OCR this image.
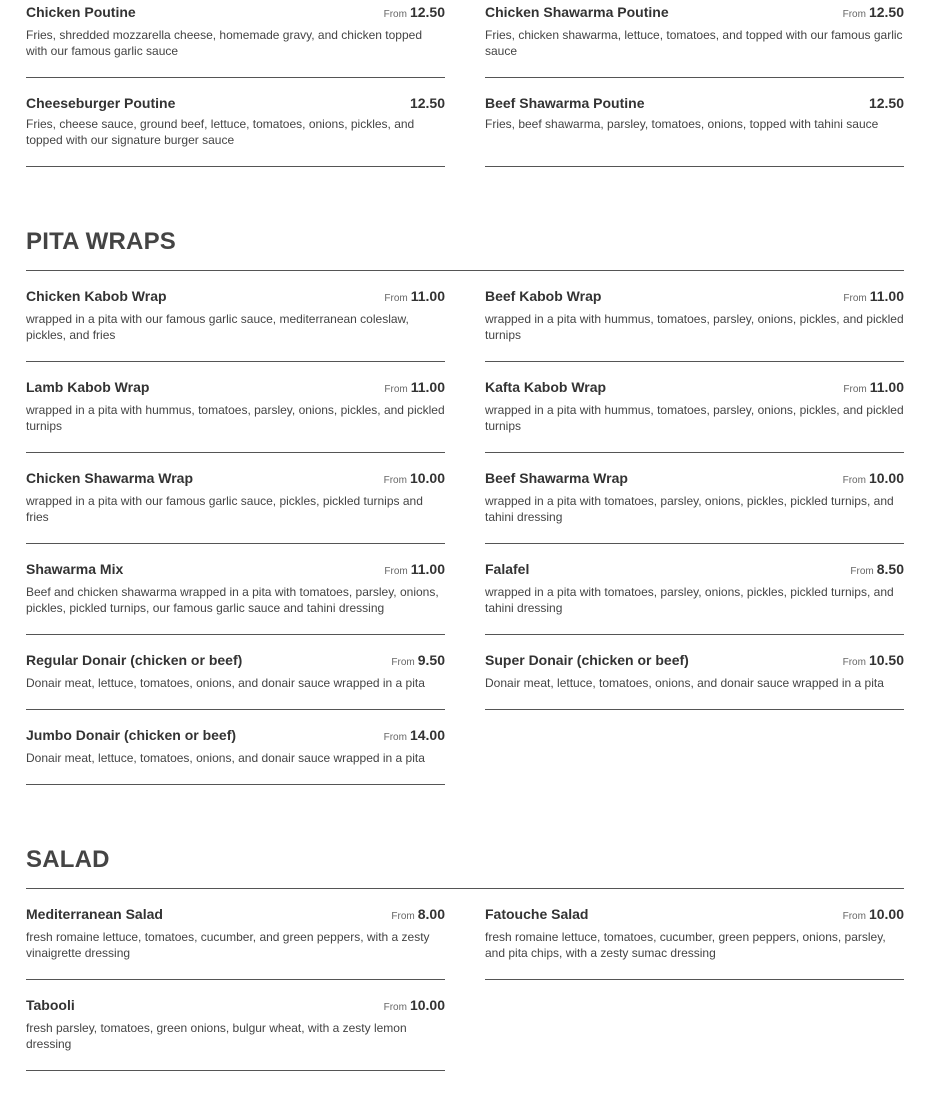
Chicken Poutine	From 12.50
Fries, shredded mozzarella cheese, homemade gravy, and chicken topped with our famous garlic sauce
Chicken Shawarma Poutine	From 12.50
Fries, chicken shawarma, lettuce, tomatoes, and topped with our famous garlic sauce
Cheeseburger Poutine	12.50
Fries, cheese sauce, ground beef, lettuce, tomatoes, onions, pickles, and topped with our signature burger sauce
Beef Shawarma Poutine	12.50
Fries, beef shawarma, parsley, tomatoes, onions, topped with tahini sauce
PITA WRAPS
Chicken Kabob Wrap	From 11.00
wrapped in a pita with our famous garlic sauce, mediterranean coleslaw, pickles, and fries
Beef Kabob Wrap	From 11.00
wrapped in a pita with hummus, tomatoes, parsley, onions, pickles, and pickled turnips
Lamb Kabob Wrap	From 11.00
wrapped in a pita with hummus, tomatoes, parsley, onions, pickles, and pickled turnips
Kafta Kabob Wrap	From 11.00
wrapped in a pita with hummus, tomatoes, parsley, onions, pickles, and pickled turnips
Chicken Shawarma Wrap	From 10.00
wrapped in a pita with our famous garlic sauce, pickles, pickled turnips and fries
Beef Shawarma Wrap	From 10.00
wrapped in a pita with tomatoes, parsley, onions, pickles, pickled turnips, and tahini dressing
Shawarma Mix	From 11.00
Beef and chicken shawarma wrapped in a pita with tomatoes, parsley, onions, pickles, pickled turnips, our famous garlic sauce and tahini dressing
Falafel	From 8.50
wrapped in a pita with tomatoes, parsley, onions, pickles, pickled turnips, and tahini dressing
Regular Donair (chicken or beef)	From 9.50
Donair meat, lettuce, tomatoes, onions, and donair sauce wrapped in a pita
Super Donair (chicken or beef)	From 10.50
Donair meat, lettuce, tomatoes, onions, and donair sauce wrapped in a pita
Jumbo Donair (chicken or beef)	From 14.00
Donair meat, lettuce, tomatoes, onions, and donair sauce wrapped in a pita
SALAD
Mediterranean Salad	From 8.00
fresh romaine lettuce, tomatoes, cucumber, and green peppers, with a zesty vinaigrette dressing
Fatouche Salad	From 10.00
fresh romaine lettuce, tomatoes, cucumber, green peppers, onions, parsley, and pita chips, with a zesty sumac dressing
Tabooli	From 10.00
fresh parsley, tomatoes, green onions, bulgur wheat, with a zesty lemon dressing
